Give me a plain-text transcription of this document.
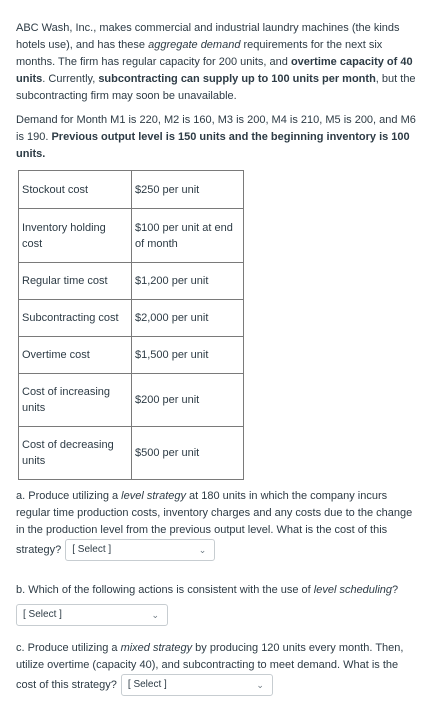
ABC Wash, Inc., makes commercial and industrial laundry machines (the kinds hotels use), and has these aggregate demand requirements for the next six months. The firm has regular capacity for 200 units, and overtime capacity of 40 units. Currently, subcontracting can supply up to 100 units per month, but the subcontracting firm may soon be unavailable.
Demand for Month M1 is 220, M2 is 160, M3 is 200, M4 is 210, M5 is 200, and M6 is 190. Previous output level is 150 units and the beginning inventory is 100 units.
Stockout cost	$250 per unit
Inventory holding cost	$100 per unit at end of month
Regular time cost	$1,200 per unit
Subcontracting cost	$2,000 per unit
Overtime cost	$1,500 per unit
Cost of increasing units	$200 per unit
Cost of decreasing units	$500 per unit
a. Produce utilizing a level strategy at 180 units in which the company incurs regular time production costs, inventory charges and any costs due to the change in the production level from the previous output level. What is the cost of this strategy? [ Select ]	⌄
b. Which of the following actions is consistent with the use of level scheduling?
[ Select ]	⌄
c. Produce utilizing a mixed strategy by producing 120 units every month. Then, utilize overtime (capacity 40), and subcontracting to meet demand. What is the cost of this strategy? [ Select ]	⌄
